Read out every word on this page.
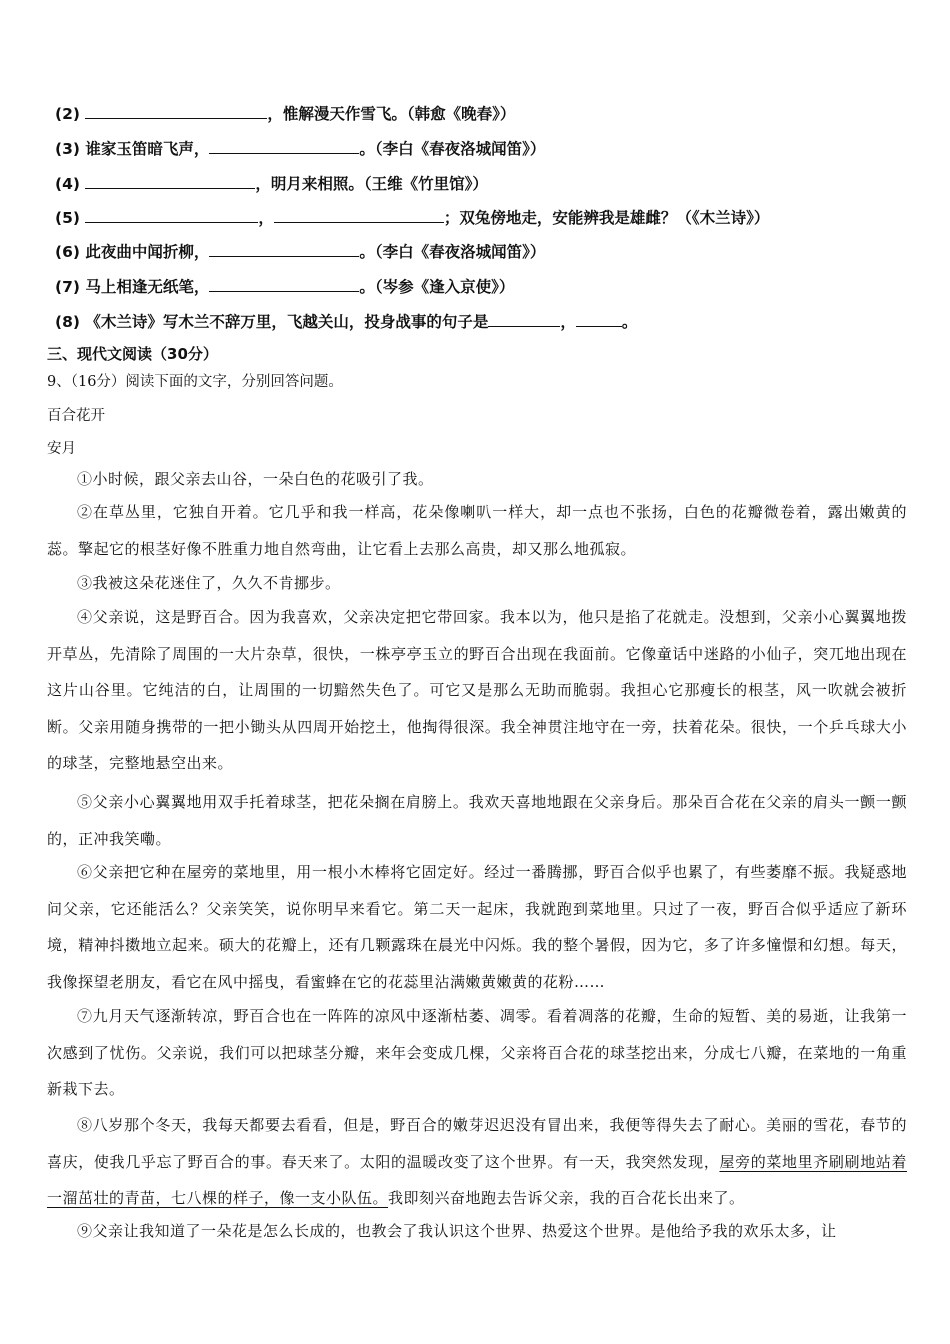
(2)	，惟解漫天作雪飞。（韩愈《晚春》）
(3) 谁家玉笛暗飞声，	。（李白《春夜洛城闻笛》）
(4)	，明月来相照。（王维《竹里馆》）
(5)	，	；双兔傍地走，安能辨我是雄雌？（《木兰诗》）
(6) 此夜曲中闻折柳，	。（李白《春夜洛城闻笛》）
(7) 马上相逢无纸笔，	。（岑参《逢入京使》）
(8) 《木兰诗》写木兰不辞万里，飞越关山，投身战事的句子是	，	。
三、现代文阅读（30分）
9、（16分）阅读下面的文字，分别回答问题。
百合花开
安月
①小时候，跟父亲去山谷，一朵白色的花吸引了我。
②在草丛里，它独自开着。它几乎和我一样高，花朵像喇叭一样大，却一点也不张扬，白色的花瓣微卷着，露出嫩黄的蕊。擎起它的根茎好像不胜重力地自然弯曲，让它看上去那么高贵，却又那么地孤寂。
③我被这朵花迷住了，久久不肯挪步。
④父亲说，这是野百合。因为我喜欢，父亲决定把它带回家。我本以为，他只是掐了花就走。没想到，父亲小心翼翼地拨开草丛，先清除了周围的一大片杂草，很快，一株亭亭玉立的野百合出现在我面前。它像童话中迷路的小仙子，突兀地出现在这片山谷里。它纯洁的白，让周围的一切黯然失色了。可它又是那么无助而脆弱。我担心它那瘦长的根茎，风一吹就会被折断。父亲用随身携带的一把小锄头从四周开始挖土，他掏得很深。我全神贯注地守在一旁，扶着花朵。很快，一个乒乓球大小的球茎，完整地悬空出来。
⑤父亲小心翼翼地用双手托着球茎，把花朵搁在肩膀上。我欢天喜地地跟在父亲身后。那朵百合花在父亲的肩头一颤一颤的，正冲我笑嘞。
⑥父亲把它种在屋旁的菜地里，用一根小木棒将它固定好。经过一番腾挪，野百合似乎也累了，有些萎靡不振。我疑惑地问父亲，它还能活么？父亲笑笑，说你明早来看它。第二天一起床，我就跑到菜地里。只过了一夜，野百合似乎适应了新环境，精神抖擞地立起来。硕大的花瓣上，还有几颗露珠在晨光中闪烁。我的整个暑假，因为它，多了许多憧憬和幻想。每天，我像探望老朋友，看它在风中摇曳，看蜜蜂在它的花蕊里沾满嫩黄嫩黄的花粉……
⑦九月天气逐渐转凉，野百合也在一阵阵的凉风中逐渐枯萎、凋零。看着凋落的花瓣，生命的短暂、美的易逝，让我第一次感到了忧伤。父亲说，我们可以把球茎分瓣，来年会变成几棵，父亲将百合花的球茎挖出来，分成七八瓣，在菜地的一角重新栽下去。
⑧八岁那个冬天，我每天都要去看看，但是，野百合的嫩芽迟迟没有冒出来，我便等得失去了耐心。美丽的雪花，春节的喜庆，使我几乎忘了野百合的事。春天来了。太阳的温暖改变了这个世界。有一天，我突然发现，屋旁的菜地里齐刷刷地站着一溜茁壮的青苗，七八棵的样子，像一支小队伍。我即刻兴奋地跑去告诉父亲，我的百合花长出来了。
⑨父亲让我知道了一朵花是怎么长成的，也教会了我认识这个世界、热爱这个世界。是他给予我的欢乐太多，让
